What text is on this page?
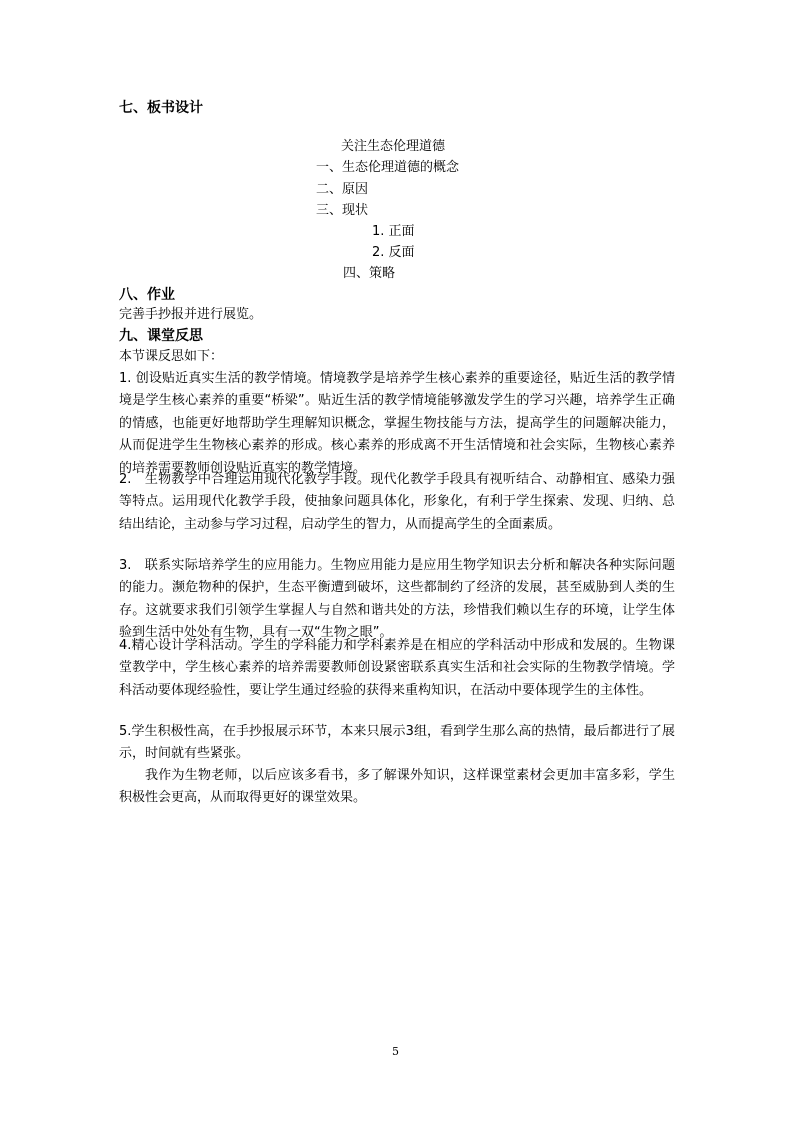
七、板书设计
关注生态伦理道德
一、生态伦理道德的概念
二、原因
三、现状
1. 正面
2. 反面
四、策略
八、作业
完善手抄报并进行展览。
九、课堂反思
本节课反思如下：

1. 创设贴近真实生活的教学情境。情境教学是培养学生核心素养的重要途径，贴近生活的教学情境是学生核心素养的重要“桥梁”。贴近生活的教学情境能够激发学生的学习兴趣，培养学生正确的情感，也能更好地帮助学生理解知识概念，掌握生物技能与方法，提高学生的问题解决能力，从而促进学生生物核心素养的形成。核心素养的形成离不开生活情境和社会实际，生物核心素养的培养需要教师创设贴近真实的教学情境。

2.　生物教学中合理运用现代化教学手段。现代化教学手段具有视听结合、动静相宜、感染力强等特点。运用现代化教学手段，使抽象问题具体化，形象化，有利于学生探索、发现、归纳、总结出结论，主动参与学习过程，启动学生的智力，从而提高学生的全面素质。

3.　联系实际培养学生的应用能力。生物应用能力是应用生物学知识去分析和解决各种实际问题的能力。濒危物种的保护，生态平衡遭到破坏，这些都制约了经济的发展，甚至威胁到人类的生存。这就要求我们引领学生掌握人与自然和谐共处的方法，珍惜我们赖以生存的环境，让学生体验到生活中处处有生物，具有一双“生物之眼”。

4.精心设计学科活动。学生的学科能力和学科素养是在相应的学科活动中形成和发展的。生物课堂教学中，学生核心素养的培养需要教师创设紧密联系真实生活和社会实际的生物教学情境。学科活动要体现经验性，要让学生通过经验的获得来重构知识，在活动中要体现学生的主体性。

5.学生积极性高，在手抄报展示环节，本来只展示3组，看到学生那么高的热情，最后都进行了展示，时间就有些紧张。

我作为生物老师，以后应该多看书，多了解课外知识，这样课堂素材会更加丰富多彩，学生积极性会更高，从而取得更好的课堂效果。

5
